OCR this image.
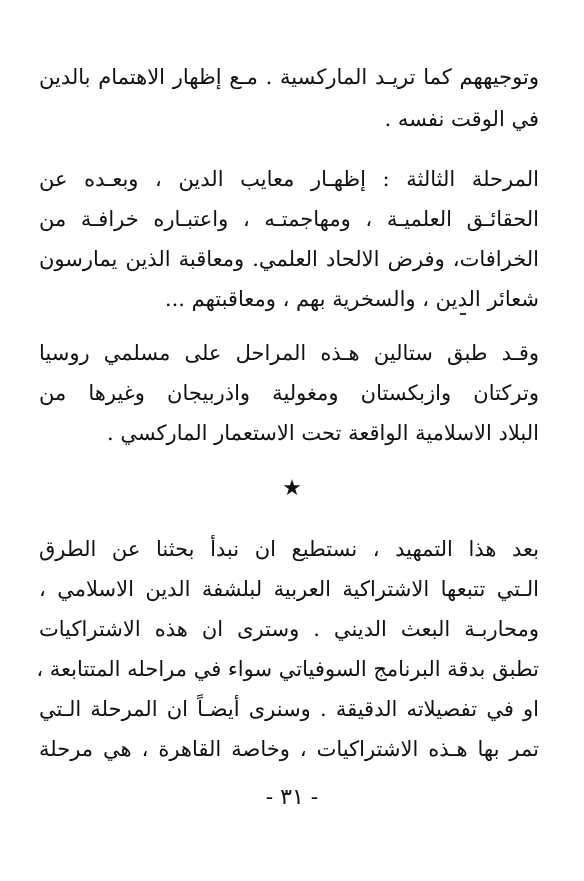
وتوجيههم كما تريـد الماركسية . مـع إظهار الاهتمام بالدين
في الوقت نفسه .
المرحلة الثالثة : إظهـار معايب الدين ، وبعـده عن
الحقائـق العلميـة ، ومهاجمتـه ، واعتبـاره خرافـة من
الخرافات، وفرض الالحاد العلمي. ومعاقبة الذين يمارسون
شعائر الدين ، والسخرية بهم ، ومعاقبتهم ...
وقـد طبق ستالين هـذه المراحل على مسلمي روسيا
وتركتان وازبكستان ومغولية واذربيجان وغيرها من
البلاد الاسلامية الواقعة تحت الاستعمار الماركسي .
★
بعد هذا التمهيد ، نستطيع ان نبدأ بحثنا عن الطرق
الـتي تتبعها الاشتراكية العربية لبلشفة الدين الاسلامي ،
ومحاربـة البعث الديني . وسترى ان هذه الاشتراكيات
تطبق بدقة البرنامج السوفياتي سواء في مراحله المتتابعة ،
او في تفصيلاته الدقيقة . وسنرى أيضـاً ان المرحلة الـتي
تمر بها هـذه الاشتراكيات ، وخاصة القاهرة ، هي مرحلة
- ٣١ -
